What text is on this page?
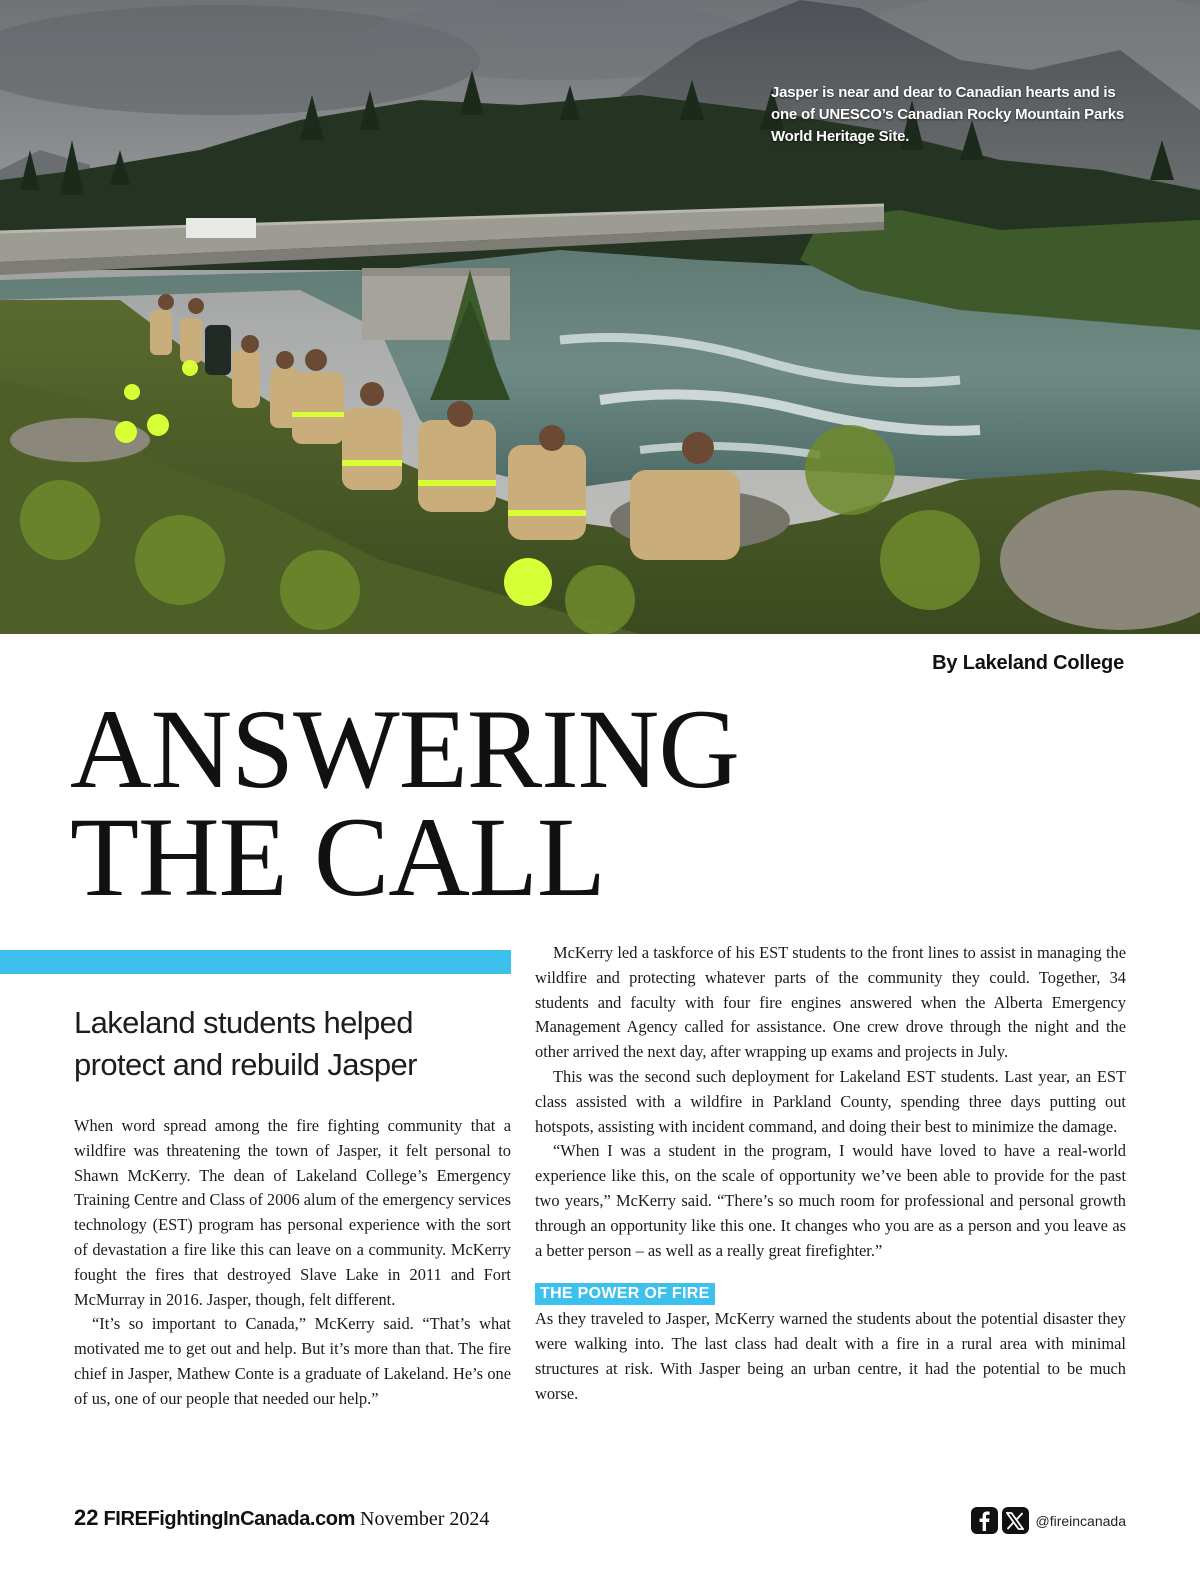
Jasper is near and dear to Canadian hearts and is one of UNESCO’s Canadian Rocky Mountain Parks World Heritage Site.
By Lakeland College
ANSWERING
THE CALL
Lakeland students helped protect and rebuild Jasper

When word spread among the fire fighting community that a wildfire was threatening the town of Jasper, it felt personal to Shawn McKerry. The dean of Lakeland College’s Emergency Training Centre and Class of 2006 alum of the emergency services technology (EST) program has personal experience with the sort of devastation a fire like this can leave on a community. McKerry fought the fires that destroyed Slave Lake in 2011 and Fort McMurray in 2016. Jasper, though, felt different.

“It’s so important to Canada,” McKerry said. “That’s what motivated me to get out and help. But it’s more than that. The fire chief in Jasper, Mathew Conte is a graduate of Lakeland. He’s one of us, one of our people that needed our help.”

McKerry led a taskforce of his EST students to the front lines to assist in managing the wildfire and protecting whatever parts of the community they could. Together, 34 students and faculty with four fire engines answered when the Alberta Emergency Management Agency called for assistance. One crew drove through the night and the other arrived the next day, after wrapping up exams and projects in July.

This was the second such deployment for Lakeland EST students. Last year, an EST class assisted with a wildfire in Parkland County, spending three days putting out hotspots, assisting with incident command, and doing their best to minimize the damage.

“When I was a student in the program, I would have loved to have a real-world experience like this, on the scale of opportunity we’ve been able to provide for the past two years,” McKerry said. “There’s so much room for professional and personal growth through an opportunity like this one. It changes who you are as a person and you leave as a better person – as well as a really great firefighter.”

THE POWER OF FIRE

As they traveled to Jasper, McKerry warned the students about the potential disaster they were walking into. The last class had dealt with a fire in a rural area with minimal structures at risk. With Jasper being an urban centre, it had the potential to be much worse.

22 FIREFightingInCanada.com November 2024	@fireincanada
